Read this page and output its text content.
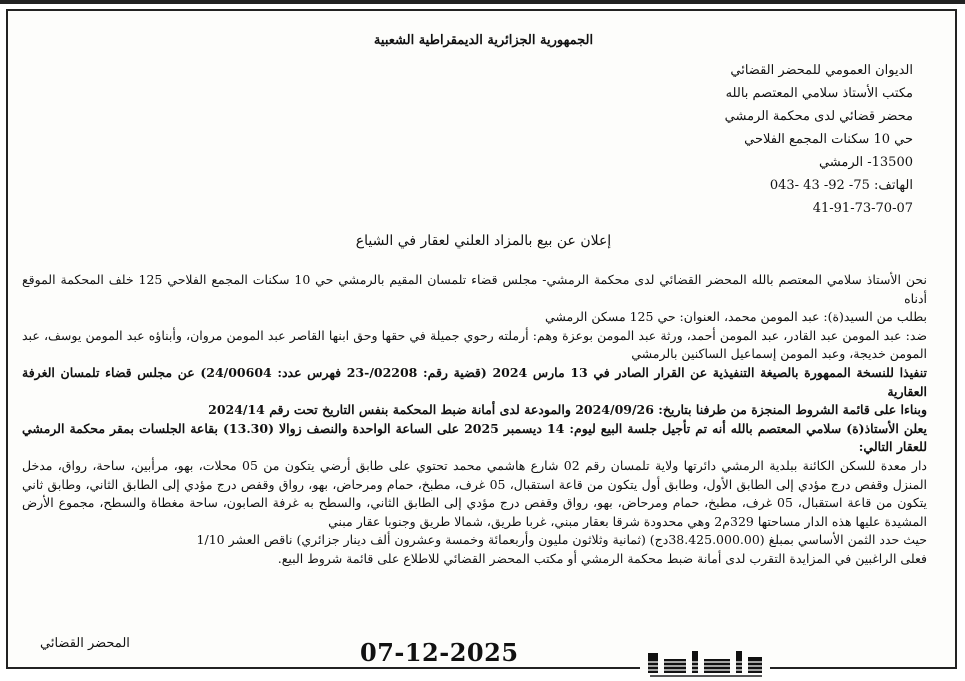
الجمهورية الجزائرية الديمقراطية الشعبية
الديوان العمومي للمحضر القضائي
مكتب الأستاذ سلامي المعتصم بالله
محضر قضائي لدى محكمة الرمشي
حي 10 سكنات المجمع الفلاحي
13500- الرمشي
الهاتف: 75- 92- 43 -043
41-91-73-70-07
إعلان عن بيع بالمزاد العلني لعقار في الشياع
نحن الأستاذ سلامي المعتصم بالله المحضر القضائي لدى محكمة الرمشي- مجلس قضاء تلمسان المقيم بالرمشي حي 10 سكنات المجمع الفلاحي 125 خلف المحكمة الموقع أدناه
بطلب من السيد(ة): عبد المومن محمد، العنوان: حي 125 مسكن الرمشي
ضد: عبد المومن عبد القادر، عبد المومن أحمد، ورثة عبد المومن بوعزة وهم: أرملته رحوي جميلة في حقها وحق ابنها القاصر عبد المومن مروان، وأبناؤه عبد المومن يوسف، عبد المومن خديجة، وعبد المومن إسماعيل الساكنين بالرمشي
تنفيذا للنسخة الممهورة بالصيغة التنفيذية عن القرار الصادر في 13 مارس 2024 (قضية رقم: 02208/-23 فهرس عدد: 24/00604) عن مجلس قضاء تلمسان الغرفة العقارية
وبناءا على قائمة الشروط المنجزة من طرفنا بتاريخ: 2024/09/26 والمودعة لدى أمانة ضبط المحكمة بنفس التاريخ تحت رقم 2024/14
يعلن الأستاذ(ة) سلامي المعتصم بالله أنه تم تأجيل جلسة البيع ليوم: 14 ديسمبر 2025 على الساعة الواحدة والنصف زوالا (13.30) بقاعة الجلسات بمقر محكمة الرمشي للعقار التالي:
دار معدة للسكن الكائنة ببلدية الرمشي دائرتها ولاية تلمسان رقم 02 شارع هاشمي محمد تحتوي على طابق أرضي يتكون من 05 محلات، بهو، مرأبين، ساحة، رواق، مدخل المنزل وقفص درج مؤدي إلى الطابق الأول، وطابق أول يتكون من قاعة استقبال، 05 غرف، مطبخ، حمام ومرحاض، بهو، رواق وقفص درج مؤدي إلى الطابق الثاني، وطابق ثاني يتكون من قاعة استقبال، 05 غرف، مطبخ، حمام ومرحاض، بهو، رواق وقفص درج مؤدي إلى الطابق الثاني، والسطح به غرفة الصابون، ساحة مغطاة والسطح، مجموع الأرض المشيدة عليها هذه الدار مساحتها 329م2 وهي محدودة شرقا بعقار مبني، غربا طريق، شمالا طريق وجنوبا عقار مبني
حيث حدد الثمن الأساسي بمبلغ (38.425.000.00دج) (ثمانية وثلاثون مليون وأربعمائة وخمسة وعشرون ألف دينار جزائري) ناقص العشر 1/10
فعلى الراغبين في المزايدة التقرب لدى أمانة ضبط محكمة الرمشي أو مكتب المحضر القضائي للاطلاع على قائمة شروط البيع.
المحضر القضائي	07-12-2025
